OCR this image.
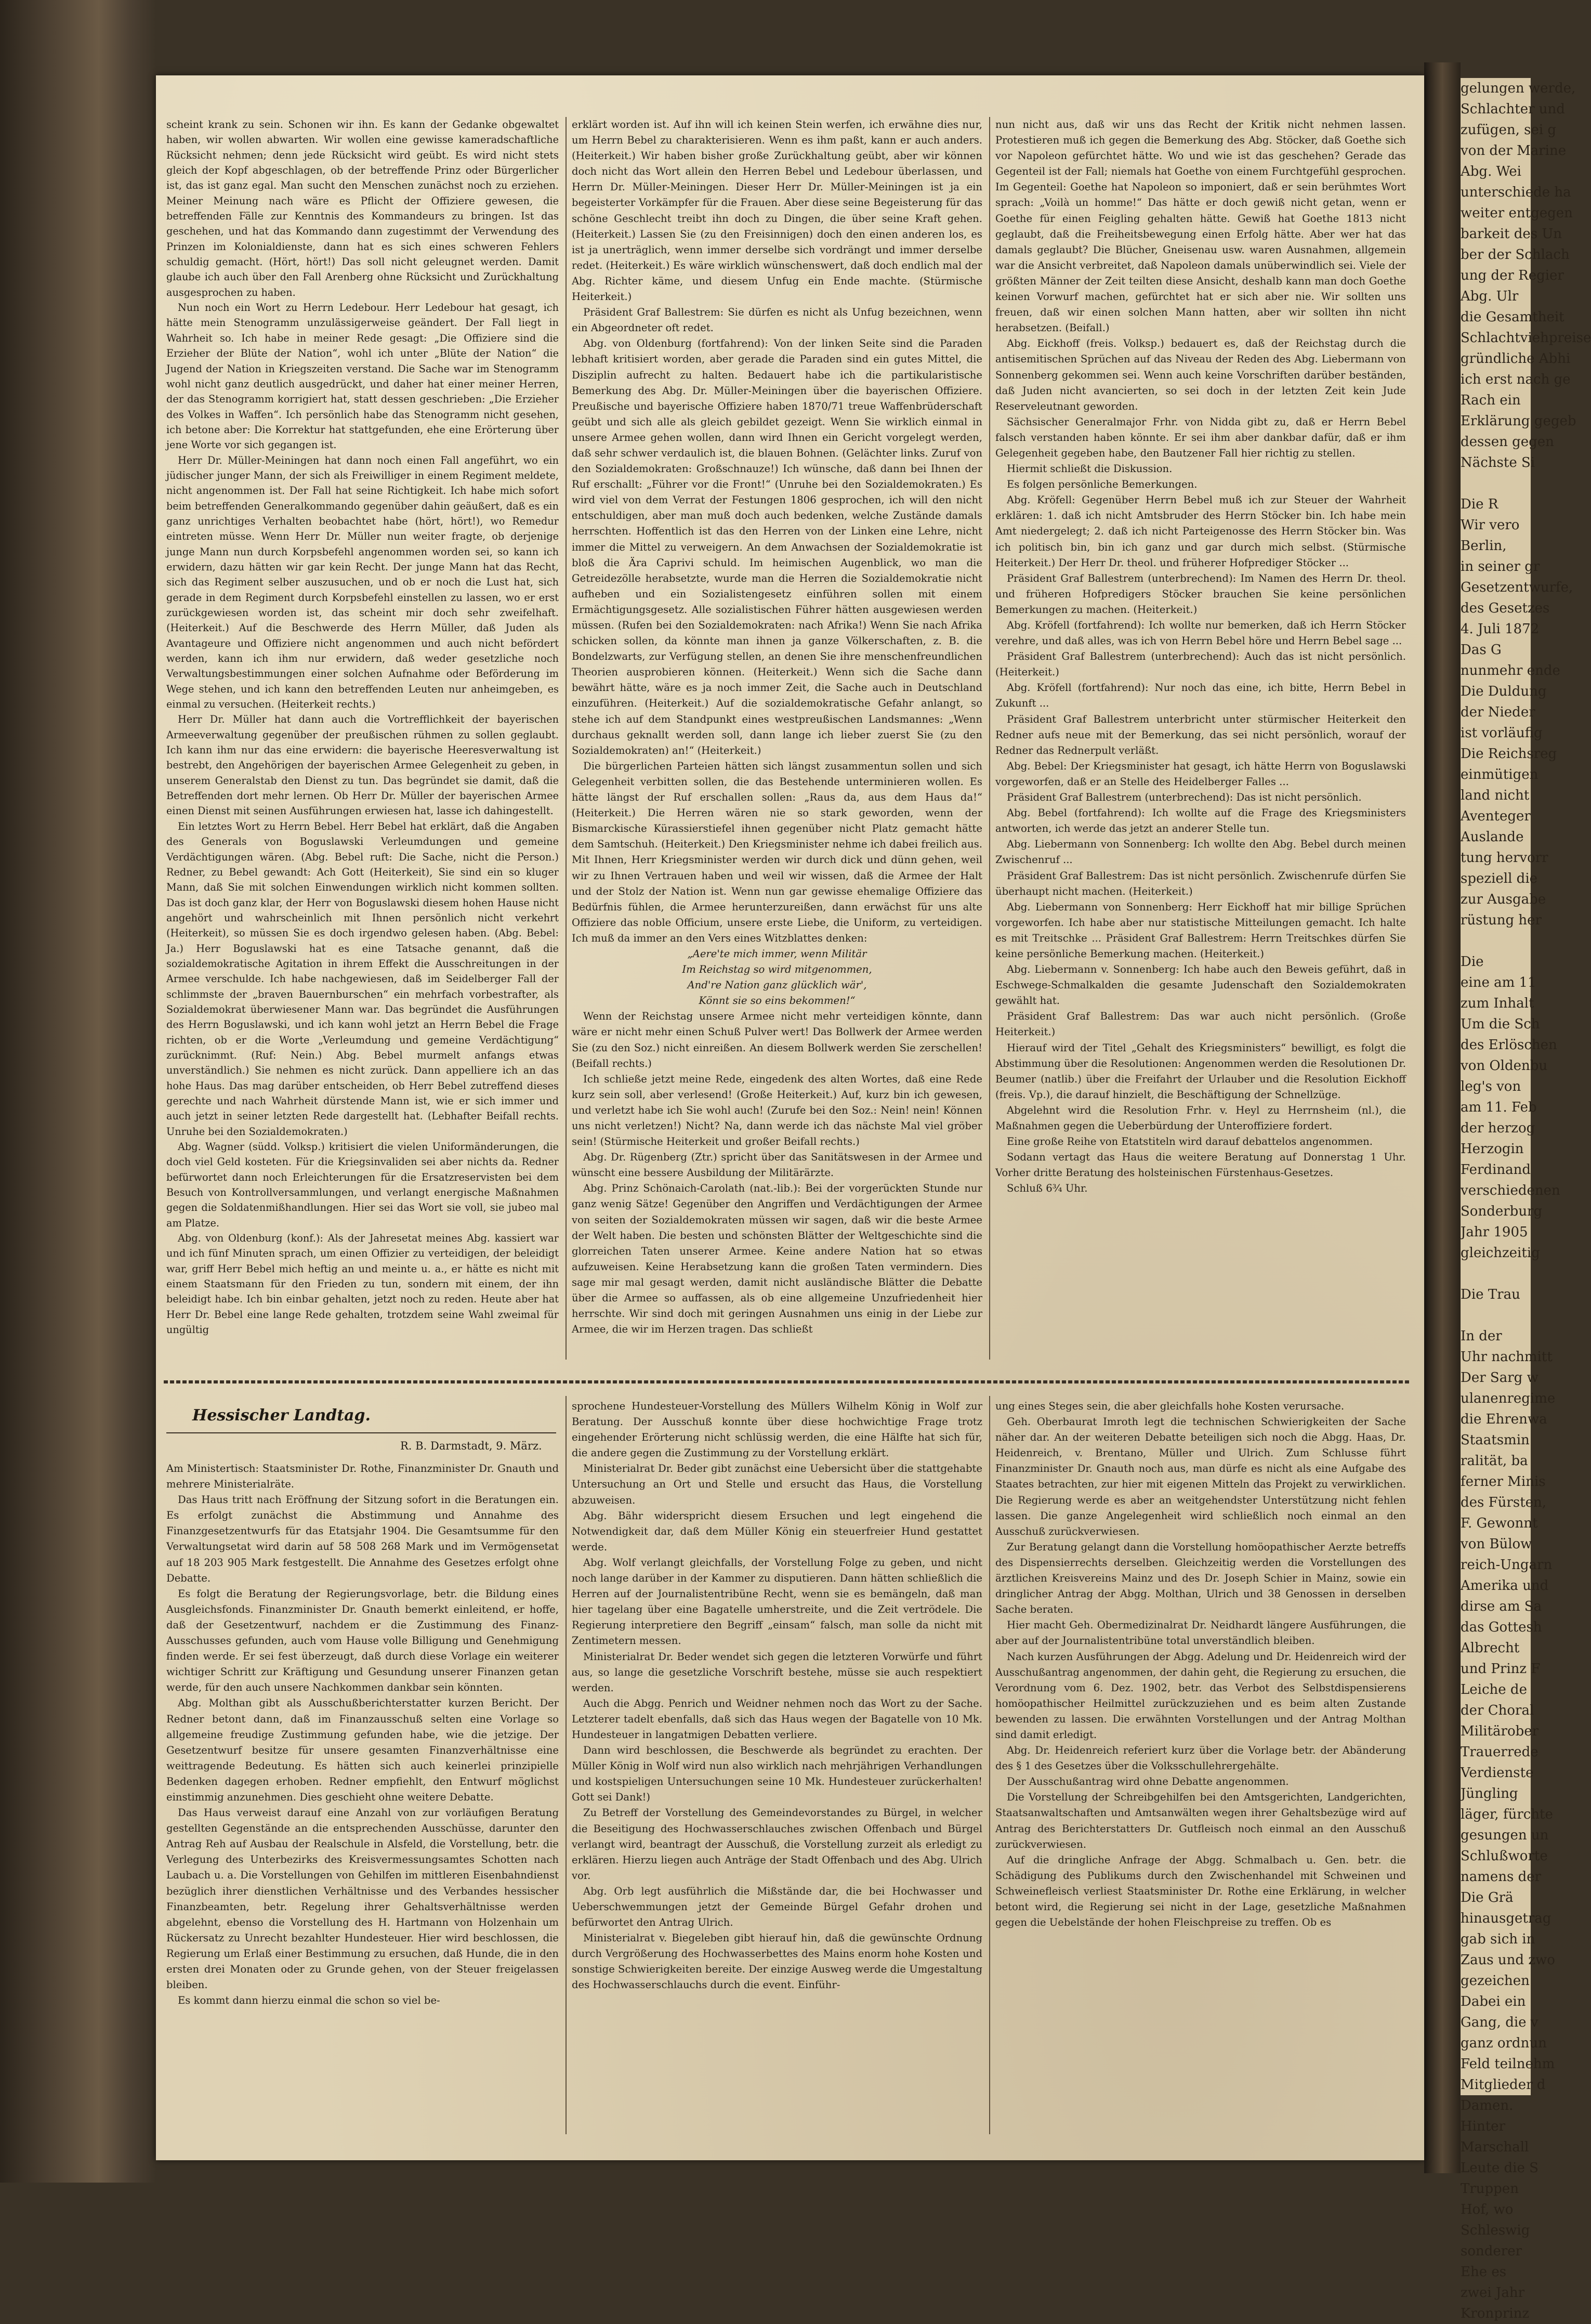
gelungen werde,

Schlachter und

zufügen, sei g

von der Marine

Abg. Wei

unterschiede ha

weiter entgegen

barkeit des Un

ber der Schlach

ung der Regier

Abg. Ulr

die Gesamtheit

Schlachtviehpreise

gründliche Abhi

ich erst nach ge

Rach ein

Erklärung gegeb

dessen gegen

Nächste Si

Die R

Wir vero

Berlin,

in seiner gr

Gesetzentwurfe,

des Gesetzes

4. Juli 1872

Das G

nunmehr ende

Die Duldung

der Nieder

ist vorläufig

Die Reichsreg

einmütigen

land nicht

Aventeger

Auslande

tung hervorr

speziell die

zur Ausgabe

rüstung her

Die

eine am 11

zum Inhalt

Um die Sch

des Erlöschen

von Oldenbu

leg's von

am 11. Feb

der herzog

Herzogin

Ferdinand

verschiedenen

Sonderburg

Jahr 1905

gleichzeitig

Die Trau

In der

Uhr nachmitt

Der Sarg w

ulanenregime

die Ehrenwa

Staatsmin

ralität, ba

ferner Minis

des Fürsten,

F. Gewonnt

von Bülow

reich-Ungarn

Amerika und

dirse am Sa

das Gottesh

Albrecht

und Prinz F

Leiche de

der Choral

Militärober

Trauerrede

Verdienste

Jüngling

läger, fürchte

gesungen un

Schlußworte

namens der

Die Grä

hinausgetrag

gab sich in

Zaus und zwo

gezeichen

Dabei ein

Gang, die v

ganz ordnun

Feld teilnehm

Mitglieder d

Damen.

Hinter

Marschall

Leute die S

Truppen

Hof, wo

Schleswig

sonderer

Ehe es

zwei Jahr

Kronprinz

scheint krank zu sein. Schonen wir ihn. Es kann der Gedanke obgewaltet haben, wir wollen abwarten. Wir wollen eine gewisse kameradschaftliche Rücksicht nehmen; denn jede Rücksicht wird geübt. Es wird nicht stets gleich der Kopf abgeschlagen, ob der betreffende Prinz oder Bürgerlicher ist, das ist ganz egal. Man sucht den Menschen zunächst noch zu erziehen. Meiner Meinung nach wäre es Pflicht der Offiziere gewesen, die betreffenden Fälle zur Kenntnis des Kommandeurs zu bringen. Ist das geschehen, und hat das Kommando dann zugestimmt der Verwendung des Prinzen im Kolonialdienste, dann hat es sich eines schweren Fehlers schuldig gemacht. (Hört, hört!) Das soll nicht geleugnet werden. Damit glaube ich auch über den Fall Arenberg ohne Rücksicht und Zurückhaltung ausgesprochen zu haben.

Nun noch ein Wort zu Herrn Ledebour. Herr Ledebour hat gesagt, ich hätte mein Stenogramm unzulässigerweise geändert. Der Fall liegt in Wahrheit so. Ich habe in meiner Rede gesagt: „Die Offiziere sind die Erzieher der Blüte der Nation“, wohl ich unter „Blüte der Nation“ die Jugend der Nation in Kriegszeiten verstand. Die Sache war im Stenogramm wohl nicht ganz deutlich ausgedrückt, und daher hat einer meiner Herren, der das Stenogramm korrigiert hat, statt dessen geschrieben: „Die Erzieher des Volkes in Waffen“. Ich persönlich habe das Stenogramm nicht gesehen, ich betone aber: Die Korrektur hat stattgefunden, ehe eine Erörterung über jene Worte vor sich gegangen ist.

Herr Dr. Müller-Meiningen hat dann noch einen Fall angeführt, wo ein jüdischer junger Mann, der sich als Freiwilliger in einem Regiment meldete, nicht angenommen ist. Der Fall hat seine Richtigkeit. Ich habe mich sofort beim betreffenden Generalkommando gegenüber dahin geäußert, daß es ein ganz unrichtiges Verhalten beobachtet habe (hört, hört!), wo Remedur eintreten müsse. Wenn Herr Dr. Müller nun weiter fragte, ob derjenige junge Mann nun durch Korpsbefehl angenommen worden sei, so kann ich erwidern, dazu hätten wir gar kein Recht. Der junge Mann hat das Recht, sich das Regiment selber auszusuchen, und ob er noch die Lust hat, sich gerade in dem Regiment durch Korpsbefehl einstellen zu lassen, wo er erst zurückgewiesen worden ist, das scheint mir doch sehr zweifelhaft. (Heiterkeit.) Auf die Beschwerde des Herrn Müller, daß Juden als Avantageure und Offiziere nicht angenommen und auch nicht befördert werden, kann ich ihm nur erwidern, daß weder gesetzliche noch Verwaltungsbestimmungen einer solchen Aufnahme oder Beförderung im Wege stehen, und ich kann den betreffenden Leuten nur anheimgeben, es einmal zu versuchen. (Heiterkeit rechts.)

Herr Dr. Müller hat dann auch die Vortrefflichkeit der bayerischen Armeeverwaltung gegenüber der preußischen rühmen zu sollen geglaubt. Ich kann ihm nur das eine erwidern: die bayerische Heeresverwaltung ist bestrebt, den Angehörigen der bayerischen Armee Gelegenheit zu geben, in unserem Generalstab den Dienst zu tun. Das begründet sie damit, daß die Betreffenden dort mehr lernen. Ob Herr Dr. Müller der bayerischen Armee einen Dienst mit seinen Ausführungen erwiesen hat, lasse ich dahingestellt.

Ein letztes Wort zu Herrn Bebel. Herr Bebel hat erklärt, daß die Angaben des Generals von Boguslawski Verleumdungen und gemeine Verdächtigungen wären. (Abg. Bebel ruft: Die Sache, nicht die Person.) Redner, zu Bebel gewandt: Ach Gott (Heiterkeit), Sie sind ein so kluger Mann, daß Sie mit solchen Einwendungen wirklich nicht kommen sollten. Das ist doch ganz klar, der Herr von Boguslawski diesem hohen Hause nicht angehört und wahrscheinlich mit Ihnen persönlich nicht verkehrt (Heiterkeit), so müssen Sie es doch irgendwo gelesen haben. (Abg. Bebel: Ja.) Herr Boguslawski hat es eine Tatsache genannt, daß die sozialdemokratische Agitation in ihrem Effekt die Ausschreitungen in der Armee verschulde. Ich habe nachgewiesen, daß im Seidelberger Fall der schlimmste der „braven Bauernburschen“ ein mehrfach vorbestrafter, als Sozialdemokrat überwiesener Mann war. Das begründet die Ausführungen des Herrn Boguslawski, und ich kann wohl jetzt an Herrn Bebel die Frage richten, ob er die Worte „Verleumdung und gemeine Verdächtigung“ zurücknimmt. (Ruf: Nein.) Abg. Bebel murmelt anfangs etwas unverständlich.) Sie nehmen es nicht zurück. Dann appelliere ich an das hohe Haus. Das mag darüber entscheiden, ob Herr Bebel zutreffend dieses gerechte und nach Wahrheit dürstende Mann ist, wie er sich immer und auch jetzt in seiner letzten Rede dargestellt hat. (Lebhafter Beifall rechts. Unruhe bei den Sozialdemokraten.)

Abg. Wagner (südd. Volksp.) kritisiert die vielen Uniformänderungen, die doch viel Geld kosteten. Für die Kriegsinvaliden sei aber nichts da. Redner befürwortet dann noch Erleichterungen für die Ersatzreservisten bei dem Besuch von Kontrollversammlungen, und verlangt energische Maßnahmen gegen die Soldatenmißhandlungen. Hier sei das Wort sie voll, sie jubeo mal am Platze.

Abg. von Oldenburg (konf.): Als der Jahresetat meines Abg. kassiert war und ich fünf Minuten sprach, um einen Offizier zu verteidigen, der beleidigt war, griff Herr Bebel mich heftig an und meinte u. a., er hätte es nicht mit einem Staatsmann für den Frieden zu tun, sondern mit einem, der ihn beleidigt habe. Ich bin einbar gehalten, jetzt noch zu reden. Heute aber hat Herr Dr. Bebel eine lange Rede gehalten, trotzdem seine Wahl zweimal für ungültig

erklärt worden ist. Auf ihn will ich keinen Stein werfen, ich erwähne dies nur, um Herrn Bebel zu charakterisieren. Wenn es ihm paßt, kann er auch anders. (Heiterkeit.) Wir haben bisher große Zurückhaltung geübt, aber wir können doch nicht das Wort allein den Herren Bebel und Ledebour überlassen, und Herrn Dr. Müller-Meiningen. Dieser Herr Dr. Müller-Meiningen ist ja ein begeisterter Vorkämpfer für die Frauen. Aber diese seine Begeisterung für das schöne Geschlecht treibt ihn doch zu Dingen, die über seine Kraft gehen. (Heiterkeit.) Lassen Sie (zu den Freisinnigen) doch den einen anderen los, es ist ja unerträglich, wenn immer derselbe sich vordrängt und immer derselbe redet. (Heiterkeit.) Es wäre wirklich wünschenswert, daß doch endlich mal der Abg. Richter käme, und diesem Unfug ein Ende machte. (Stürmische Heiterkeit.)

Präsident Graf Ballestrem: Sie dürfen es nicht als Unfug bezeichnen, wenn ein Abgeordneter oft redet.

Abg. von Oldenburg (fortfahrend): Von der linken Seite sind die Paraden lebhaft kritisiert worden, aber gerade die Paraden sind ein gutes Mittel, die Disziplin aufrecht zu halten. Bedauert habe ich die partikularistische Bemerkung des Abg. Dr. Müller-Meiningen über die bayerischen Offiziere. Preußische und bayerische Offiziere haben 1870/71 treue Waffenbrüderschaft geübt und sich alle als gleich gebildet gezeigt. Wenn Sie wirklich einmal in unsere Armee gehen wollen, dann wird Ihnen ein Gericht vorgelegt werden, daß sehr schwer verdaulich ist, die blauen Bohnen. (Gelächter links. Zuruf von den Sozialdemokraten: Großschnauze!) Ich wünsche, daß dann bei Ihnen der Ruf erschallt: „Führer vor die Front!“ (Unruhe bei den Sozialdemokraten.) Es wird viel von dem Verrat der Festungen 1806 gesprochen, ich will den nicht entschuldigen, aber man muß doch auch bedenken, welche Zustände damals herrschten. Hoffentlich ist das den Herren von der Linken eine Lehre, nicht immer die Mittel zu verweigern. An dem Anwachsen der Sozialdemokratie ist bloß die Ära Caprivi schuld. Im heimischen Augenblick, wo man die Getreidezölle herabsetzte, wurde man die Herren die Sozialdemokratie nicht aufheben und ein Sozialistengesetz einführen sollen mit einem Ermächtigungsgesetz. Alle sozialistischen Führer hätten ausgewiesen werden müssen. (Rufen bei den Sozialdemokraten: nach Afrika!) Wenn Sie nach Afrika schicken sollen, da könnte man ihnen ja ganze Völkerschaften, z. B. die Bondelzwarts, zur Verfügung stellen, an denen Sie ihre menschenfreundlichen Theorien ausprobieren können. (Heiterkeit.) Wenn sich die Sache dann bewährt hätte, wäre es ja noch immer Zeit, die Sache auch in Deutschland einzuführen. (Heiterkeit.) Auf die sozialdemokratische Gefahr anlangt, so stehe ich auf dem Standpunkt eines westpreußischen Landsmannes: „Wenn durchaus geknallt werden soll, dann lange ich lieber zuerst Sie (zu den Sozialdemokraten) an!“ (Heiterkeit.)

Die bürgerlichen Parteien hätten sich längst zusammentun sollen und sich Gelegenheit verbitten sollen, die das Bestehende unterminieren wollen. Es hätte längst der Ruf erschallen sollen: „Raus da, aus dem Haus da!“ (Heiterkeit.) Die Herren wären nie so stark geworden, wenn der Bismarckische Kürassierstiefel ihnen gegenüber nicht Platz gemacht hätte dem Samtschuh. (Heiterkeit.) Den Kriegsminister nehme ich dabei freilich aus. Mit Ihnen, Herr Kriegsminister werden wir durch dick und dünn gehen, weil wir zu Ihnen Vertrauen haben und weil wir wissen, daß die Armee der Halt und der Stolz der Nation ist. Wenn nun gar gewisse ehemalige Offiziere das Bedürfnis fühlen, die Armee herunterzureißen, dann erwächst für uns alte Offiziere das noble Officium, unsere erste Liebe, die Uniform, zu verteidigen. Ich muß da immer an den Vers eines Witzblattes denken:

„Aere'te mich immer, wenn Militär
Im Reichstag so wird mitgenommen,
And're Nation ganz glücklich wär',
Könnt sie so eins bekommen!“

Wenn der Reichstag unsere Armee nicht mehr verteidigen könnte, dann wäre er nicht mehr einen Schuß Pulver wert! Das Bollwerk der Armee werden Sie (zu den Soz.) nicht einreißen. An diesem Bollwerk werden Sie zerschellen! (Beifall rechts.)

Ich schließe jetzt meine Rede, eingedenk des alten Wortes, daß eine Rede kurz sein soll, aber verlesend! (Große Heiterkeit.) Auf, kurz bin ich gewesen, und verletzt habe ich Sie wohl auch! (Zurufe bei den Soz.: Nein! nein! Können uns nicht verletzen!) Nicht? Na, dann werde ich das nächste Mal viel gröber sein! (Stürmische Heiterkeit und großer Beifall rechts.)

Abg. Dr. Rügenberg (Ztr.) spricht über das Sanitätswesen in der Armee und wünscht eine bessere Ausbildung der Militärärzte.

Abg. Prinz Schönaich-Carolath (nat.-lib.): Bei der vorgerückten Stunde nur ganz wenig Sätze! Gegenüber den Angriffen und Verdächtigungen der Armee von seiten der Sozialdemokraten müssen wir sagen, daß wir die beste Armee der Welt haben. Die besten und schönsten Blätter der Weltgeschichte sind die glorreichen Taten unserer Armee. Keine andere Nation hat so etwas aufzuweisen. Keine Herabsetzung kann die großen Taten vermindern. Dies sage mir mal gesagt werden, damit nicht ausländische Blätter die Debatte über die Armee so auffassen, als ob eine allgemeine Unzufriedenheit hier herrschte. Wir sind doch mit geringen Ausnahmen uns einig in der Liebe zur Armee, die wir im Herzen tragen. Das schließt

nun nicht aus, daß wir uns das Recht der Kritik nicht nehmen lassen. Protestieren muß ich gegen die Bemerkung des Abg. Stöcker, daß Goethe sich vor Napoleon gefürchtet hätte. Wo und wie ist das geschehen? Gerade das Gegenteil ist der Fall; niemals hat Goethe von einem Furchtgefühl gesprochen. Im Gegenteil: Goethe hat Napoleon so imponiert, daß er sein berühmtes Wort sprach: „Voilà un homme!“ Das hätte er doch gewiß nicht getan, wenn er Goethe für einen Feigling gehalten hätte. Gewiß hat Goethe 1813 nicht geglaubt, daß die Freiheitsbewegung einen Erfolg hätte. Aber wer hat das damals geglaubt? Die Blücher, Gneisenau usw. waren Ausnahmen, allgemein war die Ansicht verbreitet, daß Napoleon damals unüberwindlich sei. Viele der größten Männer der Zeit teilten diese Ansicht, deshalb kann man doch Goethe keinen Vorwurf machen, gefürchtet hat er sich aber nie. Wir sollten uns freuen, daß wir einen solchen Mann hatten, aber wir sollten ihn nicht herabsetzen. (Beifall.)

Abg. Eickhoff (freis. Volksp.) bedauert es, daß der Reichstag durch die antisemitischen Sprüchen auf das Niveau der Reden des Abg. Liebermann von Sonnenberg gekommen sei. Wenn auch keine Vorschriften darüber beständen, daß Juden nicht avancierten, so sei doch in der letzten Zeit kein Jude Reserveleutnant geworden.

Sächsischer Generalmajor Frhr. von Nidda gibt zu, daß er Herrn Bebel falsch verstanden haben könnte. Er sei ihm aber dankbar dafür, daß er ihm Gelegenheit gegeben habe, den Bautzener Fall hier richtig zu stellen.

Hiermit schließt die Diskussion.

Es folgen persönliche Bemerkungen.

Abg. Kröfell: Gegenüber Herrn Bebel muß ich zur Steuer der Wahrheit erklären: 1. daß ich nicht Amtsbruder des Herrn Stöcker bin. Ich habe mein Amt niedergelegt; 2. daß ich nicht Parteigenosse des Herrn Stöcker bin. Was ich politisch bin, bin ich ganz und gar durch mich selbst. (Stürmische Heiterkeit.) Der Herr Dr. theol. und früherer Hofprediger Stöcker ...

Präsident Graf Ballestrem (unterbrechend): Im Namen des Herrn Dr. theol. und früheren Hofpredigers Stöcker brauchen Sie keine persönlichen Bemerkungen zu machen. (Heiterkeit.)

Abg. Kröfell (fortfahrend): Ich wollte nur bemerken, daß ich Herrn Stöcker verehre, und daß alles, was ich von Herrn Bebel höre und Herrn Bebel sage ...

Präsident Graf Ballestrem (unterbrechend): Auch das ist nicht persönlich. (Heiterkeit.)

Abg. Kröfell (fortfahrend): Nur noch das eine, ich bitte, Herrn Bebel in Zukunft ...

Präsident Graf Ballestrem unterbricht unter stürmischer Heiterkeit den Redner aufs neue mit der Bemerkung, das sei nicht persönlich, worauf der Redner das Rednerpult verläßt.

Abg. Bebel: Der Kriegsminister hat gesagt, ich hätte Herrn von Boguslawski vorgeworfen, daß er an Stelle des Heidelberger Falles ...

Präsident Graf Ballestrem (unterbrechend): Das ist nicht persönlich.

Abg. Bebel (fortfahrend): Ich wollte auf die Frage des Kriegsministers antworten, ich werde das jetzt an anderer Stelle tun.

Abg. Liebermann von Sonnenberg: Ich wollte den Abg. Bebel durch meinen Zwischenruf ...

Präsident Graf Ballestrem: Das ist nicht persönlich. Zwischenrufe dürfen Sie überhaupt nicht machen. (Heiterkeit.)

Abg. Liebermann von Sonnenberg: Herr Eickhoff hat mir billige Sprüchen vorgeworfen. Ich habe aber nur statistische Mitteilungen gemacht. Ich halte es mit Treitschke ... Präsident Graf Ballestrem: Herrn Treitschkes dürfen Sie keine persönliche Bemerkung machen. (Heiterkeit.)

Abg. Liebermann v. Sonnenberg: Ich habe auch den Beweis geführt, daß in Eschwege-Schmalkalden die gesamte Judenschaft den Sozialdemokraten gewählt hat.

Präsident Graf Ballestrem: Das war auch nicht persönlich. (Große Heiterkeit.)

Hierauf wird der Titel „Gehalt des Kriegsministers“ bewilligt, es folgt die Abstimmung über die Resolutionen: Angenommen werden die Resolutionen Dr. Beumer (natlib.) über die Freifahrt der Urlauber und die Resolution Eickhoff (freis. Vp.), die darauf hinzielt, die Beschäftigung der Schnellzüge.

Abgelehnt wird die Resolution Frhr. v. Heyl zu Herrnsheim (nl.), die Maßnahmen gegen die Ueberbürdung der Unteroffiziere fordert.

Eine große Reihe von Etatstiteln wird darauf debattelos angenommen.

Sodann vertagt das Haus die weitere Beratung auf Donnerstag 1 Uhr. Vorher dritte Beratung des holsteinischen Fürstenhaus-Gesetzes.

Schluß 6¾ Uhr.

Hessischer Landtag.
R. B. Darmstadt, 9. März.

Am Ministertisch: Staatsminister Dr. Rothe, Finanzminister Dr. Gnauth und mehrere Ministerialräte.

Das Haus tritt nach Eröffnung der Sitzung sofort in die Beratungen ein. Es erfolgt zunächst die Abstimmung und Annahme des Finanzgesetzentwurfs für das Etatsjahr 1904. Die Gesamtsumme für den Verwaltungsetat wird darin auf 58 508 268 Mark und im Vermögensetat auf 18 203 905 Mark festgestellt. Die Annahme des Gesetzes erfolgt ohne Debatte.

Es folgt die Beratung der Regierungsvorlage, betr. die Bildung eines Ausgleichsfonds. Finanzminister Dr. Gnauth bemerkt einleitend, er hoffe, daß der Gesetzentwurf, nachdem er die Zustimmung des Finanz-Ausschusses gefunden, auch vom Hause volle Billigung und Genehmigung finden werde. Er sei fest überzeugt, daß durch diese Vorlage ein weiterer wichtiger Schritt zur Kräftigung und Gesundung unserer Finanzen getan werde, für den auch unsere Nachkommen dankbar sein könnten.

Abg. Molthan gibt als Ausschußberichterstatter kurzen Bericht. Der Redner betont dann, daß im Finanzausschuß selten eine Vorlage so allgemeine freudige Zustimmung gefunden habe, wie die jetzige. Der Gesetzentwurf besitze für unsere gesamten Finanzverhältnisse eine weittragende Bedeutung. Es hätten sich auch keinerlei prinzipielle Bedenken dagegen erhoben. Redner empfiehlt, den Entwurf möglichst einstimmig anzunehmen. Dies geschieht ohne weitere Debatte.

Das Haus verweist darauf eine Anzahl von zur vorläufigen Beratung gestellten Gegenstände an die entsprechenden Ausschüsse, darunter den Antrag Reh auf Ausbau der Realschule in Alsfeld, die Vorstellung, betr. die Verlegung des Unterbezirks des Kreisvermessungsamtes Schotten nach Laubach u. a. Die Vorstellungen von Gehilfen im mittleren Eisenbahndienst bezüglich ihrer dienstlichen Verhältnisse und des Verbandes hessischer Finanzbeamten, betr. Regelung ihrer Gehaltsverhältnisse werden abgelehnt, ebenso die Vorstellung des H. Hartmann von Holzenhain um Rückersatz zu Unrecht bezahlter Hundesteuer. Hier wird beschlossen, die Regierung um Erlaß einer Bestimmung zu ersuchen, daß Hunde, die in den ersten drei Monaten oder zu Grunde gehen, von der Steuer freigelassen bleiben.

Es kommt dann hierzu einmal die schon so viel be-

sprochene Hundesteuer-Vorstellung des Müllers Wilhelm König in Wolf zur Beratung. Der Ausschuß konnte über diese hochwichtige Frage trotz eingehender Erörterung nicht schlüssig werden, die eine Hälfte hat sich für, die andere gegen die Zustimmung zu der Vorstellung erklärt.

Ministerialrat Dr. Beder gibt zunächst eine Uebersicht über die stattgehabte Untersuchung an Ort und Stelle und ersucht das Haus, die Vorstellung abzuweisen.

Abg. Bähr widerspricht diesem Ersuchen und legt eingehend die Notwendigkeit dar, daß dem Müller König ein steuerfreier Hund gestattet werde.

Abg. Wolf verlangt gleichfalls, der Vorstellung Folge zu geben, und nicht noch lange darüber in der Kammer zu disputieren. Dann hätten schließlich die Herren auf der Journalistentribüne Recht, wenn sie es bemängeln, daß man hier tagelang über eine Bagatelle umherstreite, und die Zeit vertrödele. Die Regierung interpretiere den Begriff „einsam“ falsch, man solle da nicht mit Zentimetern messen.

Ministerialrat Dr. Beder wendet sich gegen die letzteren Vorwürfe und führt aus, so lange die gesetzliche Vorschrift bestehe, müsse sie auch respektiert werden.

Auch die Abgg. Penrich und Weidner nehmen noch das Wort zu der Sache. Letzterer tadelt ebenfalls, daß sich das Haus wegen der Bagatelle von 10 Mk. Hundesteuer in langatmigen Debatten verliere.

Dann wird beschlossen, die Beschwerde als begründet zu erachten. Der Müller König in Wolf wird nun also wirklich nach mehrjährigen Verhandlungen und kostspieligen Untersuchungen seine 10 Mk. Hundesteuer zurückerhalten! Gott sei Dank!)

Zu Betreff der Vorstellung des Gemeindevorstandes zu Bürgel, in welcher die Beseitigung des Hochwasserschlauches zwischen Offenbach und Bürgel verlangt wird, beantragt der Ausschuß, die Vorstellung zurzeit als erledigt zu erklären. Hierzu liegen auch Anträge der Stadt Offenbach und des Abg. Ulrich vor.

Abg. Orb legt ausführlich die Mißstände dar, die bei Hochwasser und Ueberschwemmungen jetzt der Gemeinde Bürgel Gefahr drohen und befürwortet den Antrag Ulrich.

Ministerialrat v. Biegeleben gibt hierauf hin, daß die gewünschte Ordnung durch Vergrößerung des Hochwasserbettes des Mains enorm hohe Kosten und sonstige Schwierigkeiten bereite. Der einzige Ausweg werde die Umgestaltung des Hochwasserschlauchs durch die event. Einführ-

ung eines Steges sein, die aber gleichfalls hohe Kosten verursache.

Geh. Oberbaurat Imroth legt die technischen Schwierigkeiten der Sache näher dar. An der weiteren Debatte beteiligen sich noch die Abgg. Haas, Dr. Heidenreich, v. Brentano, Müller und Ulrich. Zum Schlusse führt Finanzminister Dr. Gnauth noch aus, man dürfe es nicht als eine Aufgabe des Staates betrachten, zur hier mit eigenen Mitteln das Projekt zu verwirklichen. Die Regierung werde es aber an weitgehendster Unterstützung nicht fehlen lassen. Die ganze Angelegenheit wird schließlich noch einmal an den Ausschuß zurückverwiesen.

Zur Beratung gelangt dann die Vorstellung homöopathischer Aerzte betreffs des Dispensierrechts derselben. Gleichzeitig werden die Vorstellungen des ärztlichen Kreisvereins Mainz und des Dr. Joseph Schier in Mainz, sowie ein dringlicher Antrag der Abgg. Molthan, Ulrich und 38 Genossen in derselben Sache beraten.

Hier macht Geh. Obermedizinalrat Dr. Neidhardt längere Ausführungen, die aber auf der Journalistentribüne total unverständlich bleiben.

Nach kurzen Ausführungen der Abgg. Adelung und Dr. Heidenreich wird der Ausschußantrag angenommen, der dahin geht, die Regierung zu ersuchen, die Verordnung vom 6. Dez. 1902, betr. das Verbot des Selbstdispensierens homöopathischer Heilmittel zurückzuziehen und es beim alten Zustande bewenden zu lassen. Die erwähnten Vorstellungen und der Antrag Molthan sind damit erledigt.

Abg. Dr. Heidenreich referiert kurz über die Vorlage betr. der Abänderung des § 1 des Gesetzes über die Volksschullehrergehälte.

Der Ausschußantrag wird ohne Debatte angenommen.

Die Vorstellung der Schreibgehilfen bei den Amtsgerichten, Landgerichten, Staatsanwaltschaften und Amtsanwälten wegen ihrer Gehaltsbezüge wird auf Antrag des Berichterstatters Dr. Gutfleisch noch einmal an den Ausschuß zurückverwiesen.

Auf die dringliche Anfrage der Abgg. Schmalbach u. Gen. betr. die Schädigung des Publikums durch den Zwischenhandel mit Schweinen und Schweinefleisch verliest Staatsminister Dr. Rothe eine Erklärung, in welcher betont wird, die Regierung sei nicht in der Lage, gesetzliche Maßnahmen gegen die Uebelstände der hohen Fleischpreise zu treffen. Ob es
